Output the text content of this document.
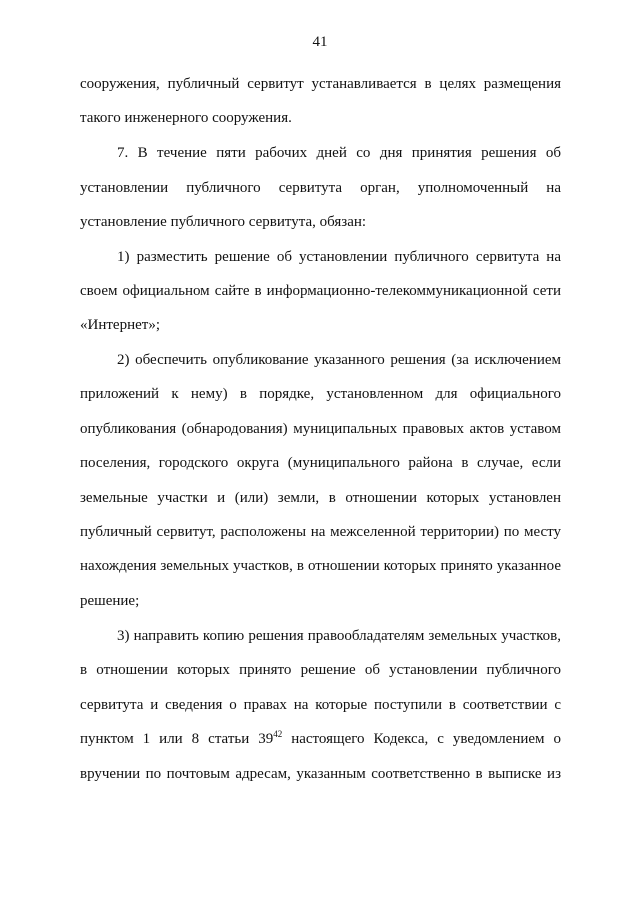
41
сооружения, публичный сервитут устанавливается в целях размещения
такого инженерного сооружения.
7. В течение пяти рабочих дней со дня принятия решения об
установлении публичного сервитута орган, уполномоченный на
установление публичного сервитута, обязан:
1) разместить решение об установлении публичного сервитута на
своем официальном сайте в информационно-телекоммуникационной сети
«Интернет»;
2) обеспечить опубликование указанного решения (за исключением
приложений к нему) в порядке, установленном для официального
опубликования (обнародования) муниципальных правовых актов уставом
поселения, городского округа (муниципального района в случае, если
земельные участки и (или) земли, в отношении которых установлен
публичный сервитут, расположены на межселенной территории) по месту
нахождения земельных участков, в отношении которых принято указанное
решение;
3) направить копию решения правообладателям земельных участков,
в отношении которых принято решение об установлении публичного
сервитута и сведения о правах на которые поступили в соответствии с
пунктом 1 или 8 статьи $39^{42}$ настоящего Кодекса, с уведомлением о
вручении по почтовым адресам, указанным соответственно в выписке из
